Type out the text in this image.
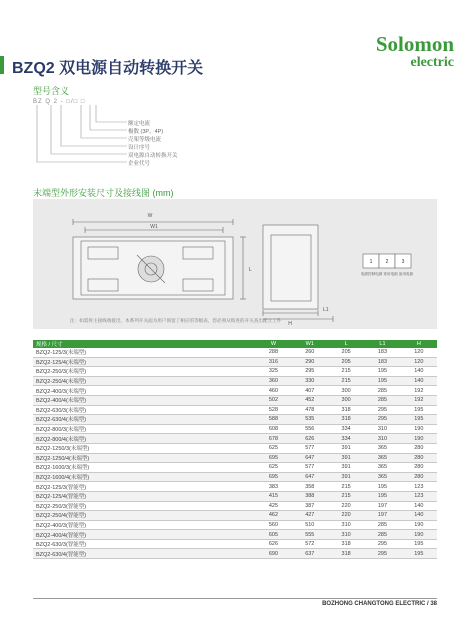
Solomon
electric
BZQ2 双电源自动转换开关
型号含义
BZ Q 2 - □/□ □
额定电流
极数 (3P、4P)
壳架等级电流
设计序号
双电源自动转换开关
企业代号
末端型外形安装尺寸及接线图 (mm)
W
W1
L
H
L1
1	2	3
电源控制电源 常用电源 备用电源
注：如需将主接线端接出，本系列开关面为用户预留了相应的等级表，您必须从购进的开关查出配立工件
规格 / 尺寸	W	W1	L	L1	H
BZQ2-125/3(末端型)	288	260	205	183	120
BZQ2-125/4(末端型)	316	290	205	183	120
BZQ2-250/3(末端型)	325	295	215	195	140
BZQ2-250/4(末端型)	360	330	215	195	140
BZQ2-400/3(末端型)	460	407	300	285	192
BZQ2-400/4(末端型)	502	452	300	285	192
BZQ2-630/3(末端型)	528	478	318	295	195
BZQ2-630/4(末端型)	588	535	318	295	195
BZQ2-800/3(末端型)	608	556	334	310	190
BZQ2-800/4(末端型)	678	626	334	310	190
BZQ2-1250/3(末端型)	625	577	391	365	280
BZQ2-1250/4(末端型)	695	647	391	365	280
BZQ2-1600/3(末端型)	625	577	391	365	280
BZQ2-1600/4(末端型)	695	647	391	365	280
BZQ2-125/3(智能型)	383	358	215	195	123
BZQ2-125/4(智能型)	415	388	215	195	123
BZQ2-250/3(智能型)	425	387	220	197	140
BZQ2-250/4(智能型)	462	427	220	197	140
BZQ2-400/3(智能型)	560	510	310	285	190
BZQ2-400/4(智能型)	605	555	310	285	190
BZQ2-630/3(智能型)	626	572	318	295	195
BZQ2-630/4(智能型)	690	637	318	295	195
BOZHONG CHANGTONG ELECTRIC / 38
